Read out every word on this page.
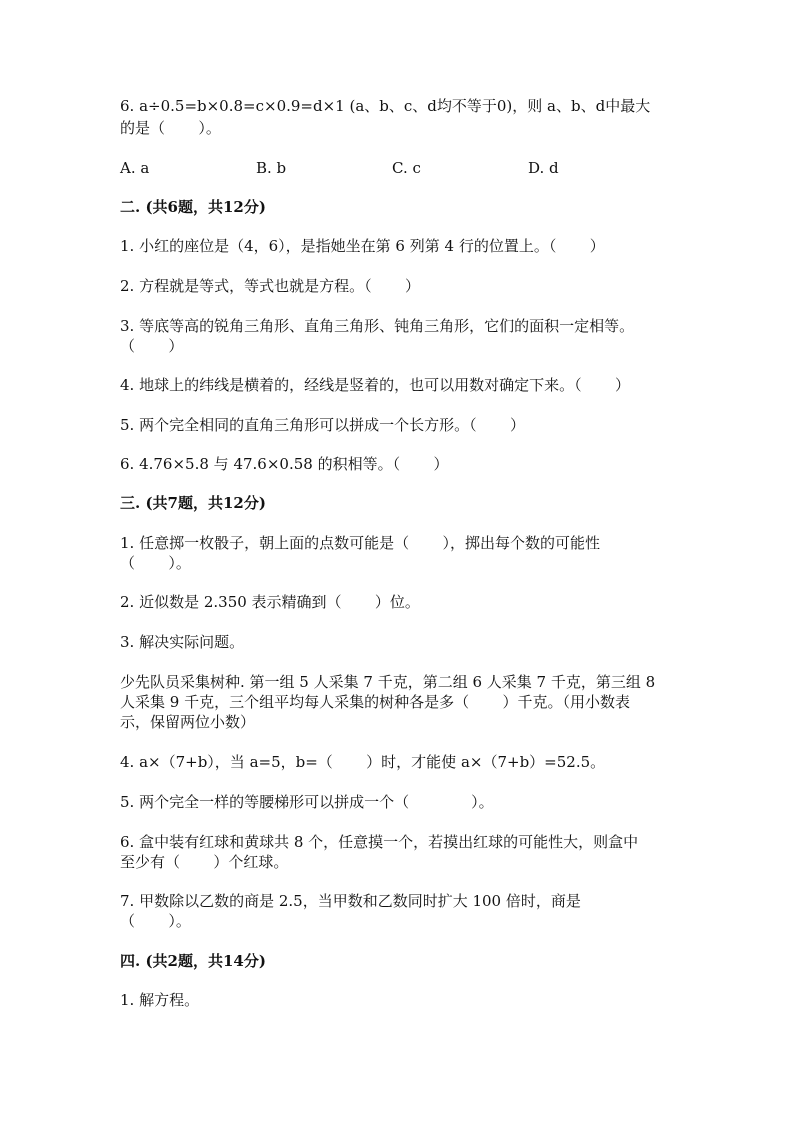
6. a÷0.5=b×0.8=c×0.9=d×1 (a、b、c、d均不等于0)，则 a、b、d中最大
的是（       ）。
A. a	B. b	C. c	D. d
二. (共6题，共12分)
1. 小红的座位是（4，6），是指她坐在第 6 列第 4 行的位置上。（       ）
2. 方程就是等式，等式也就是方程。（       ）
3. 等底等高的锐角三角形、直角三角形、钝角三角形，它们的面积一定相等。
（       ）
4. 地球上的纬线是横着的，经线是竖着的，也可以用数对确定下来。（       ）
5. 两个完全相同的直角三角形可以拼成一个长方形。（       ）
6. 4.76×5.8 与 47.6×0.58 的积相等。（       ）
三. (共7题，共12分)
1. 任意掷一枚骰子，朝上面的点数可能是（       ），掷出每个数的可能性
（       ）。
2. 近似数是 2.350 表示精确到（       ）位。
3. 解决实际问题。
少先队员采集树种. 第一组 5 人采集 7 千克，第二组 6 人采集 7 千克，第三组 8
人采集 9 千克，三个组平均每人采集的树种各是多（       ）千克。（用小数表
示，保留两位小数）
4. a×（7+b），当 a=5，b=（       ）时，才能使 a×（7+b）=52.5。
5. 两个完全一样的等腰梯形可以拼成一个（             ）。
6. 盒中装有红球和黄球共 8 个，任意摸一个，若摸出红球的可能性大，则盒中
至少有（       ）个红球。
7. 甲数除以乙数的商是 2.5，当甲数和乙数同时扩大 100 倍时，商是
（       ）。
四. (共2题，共14分)
1. 解方程。
